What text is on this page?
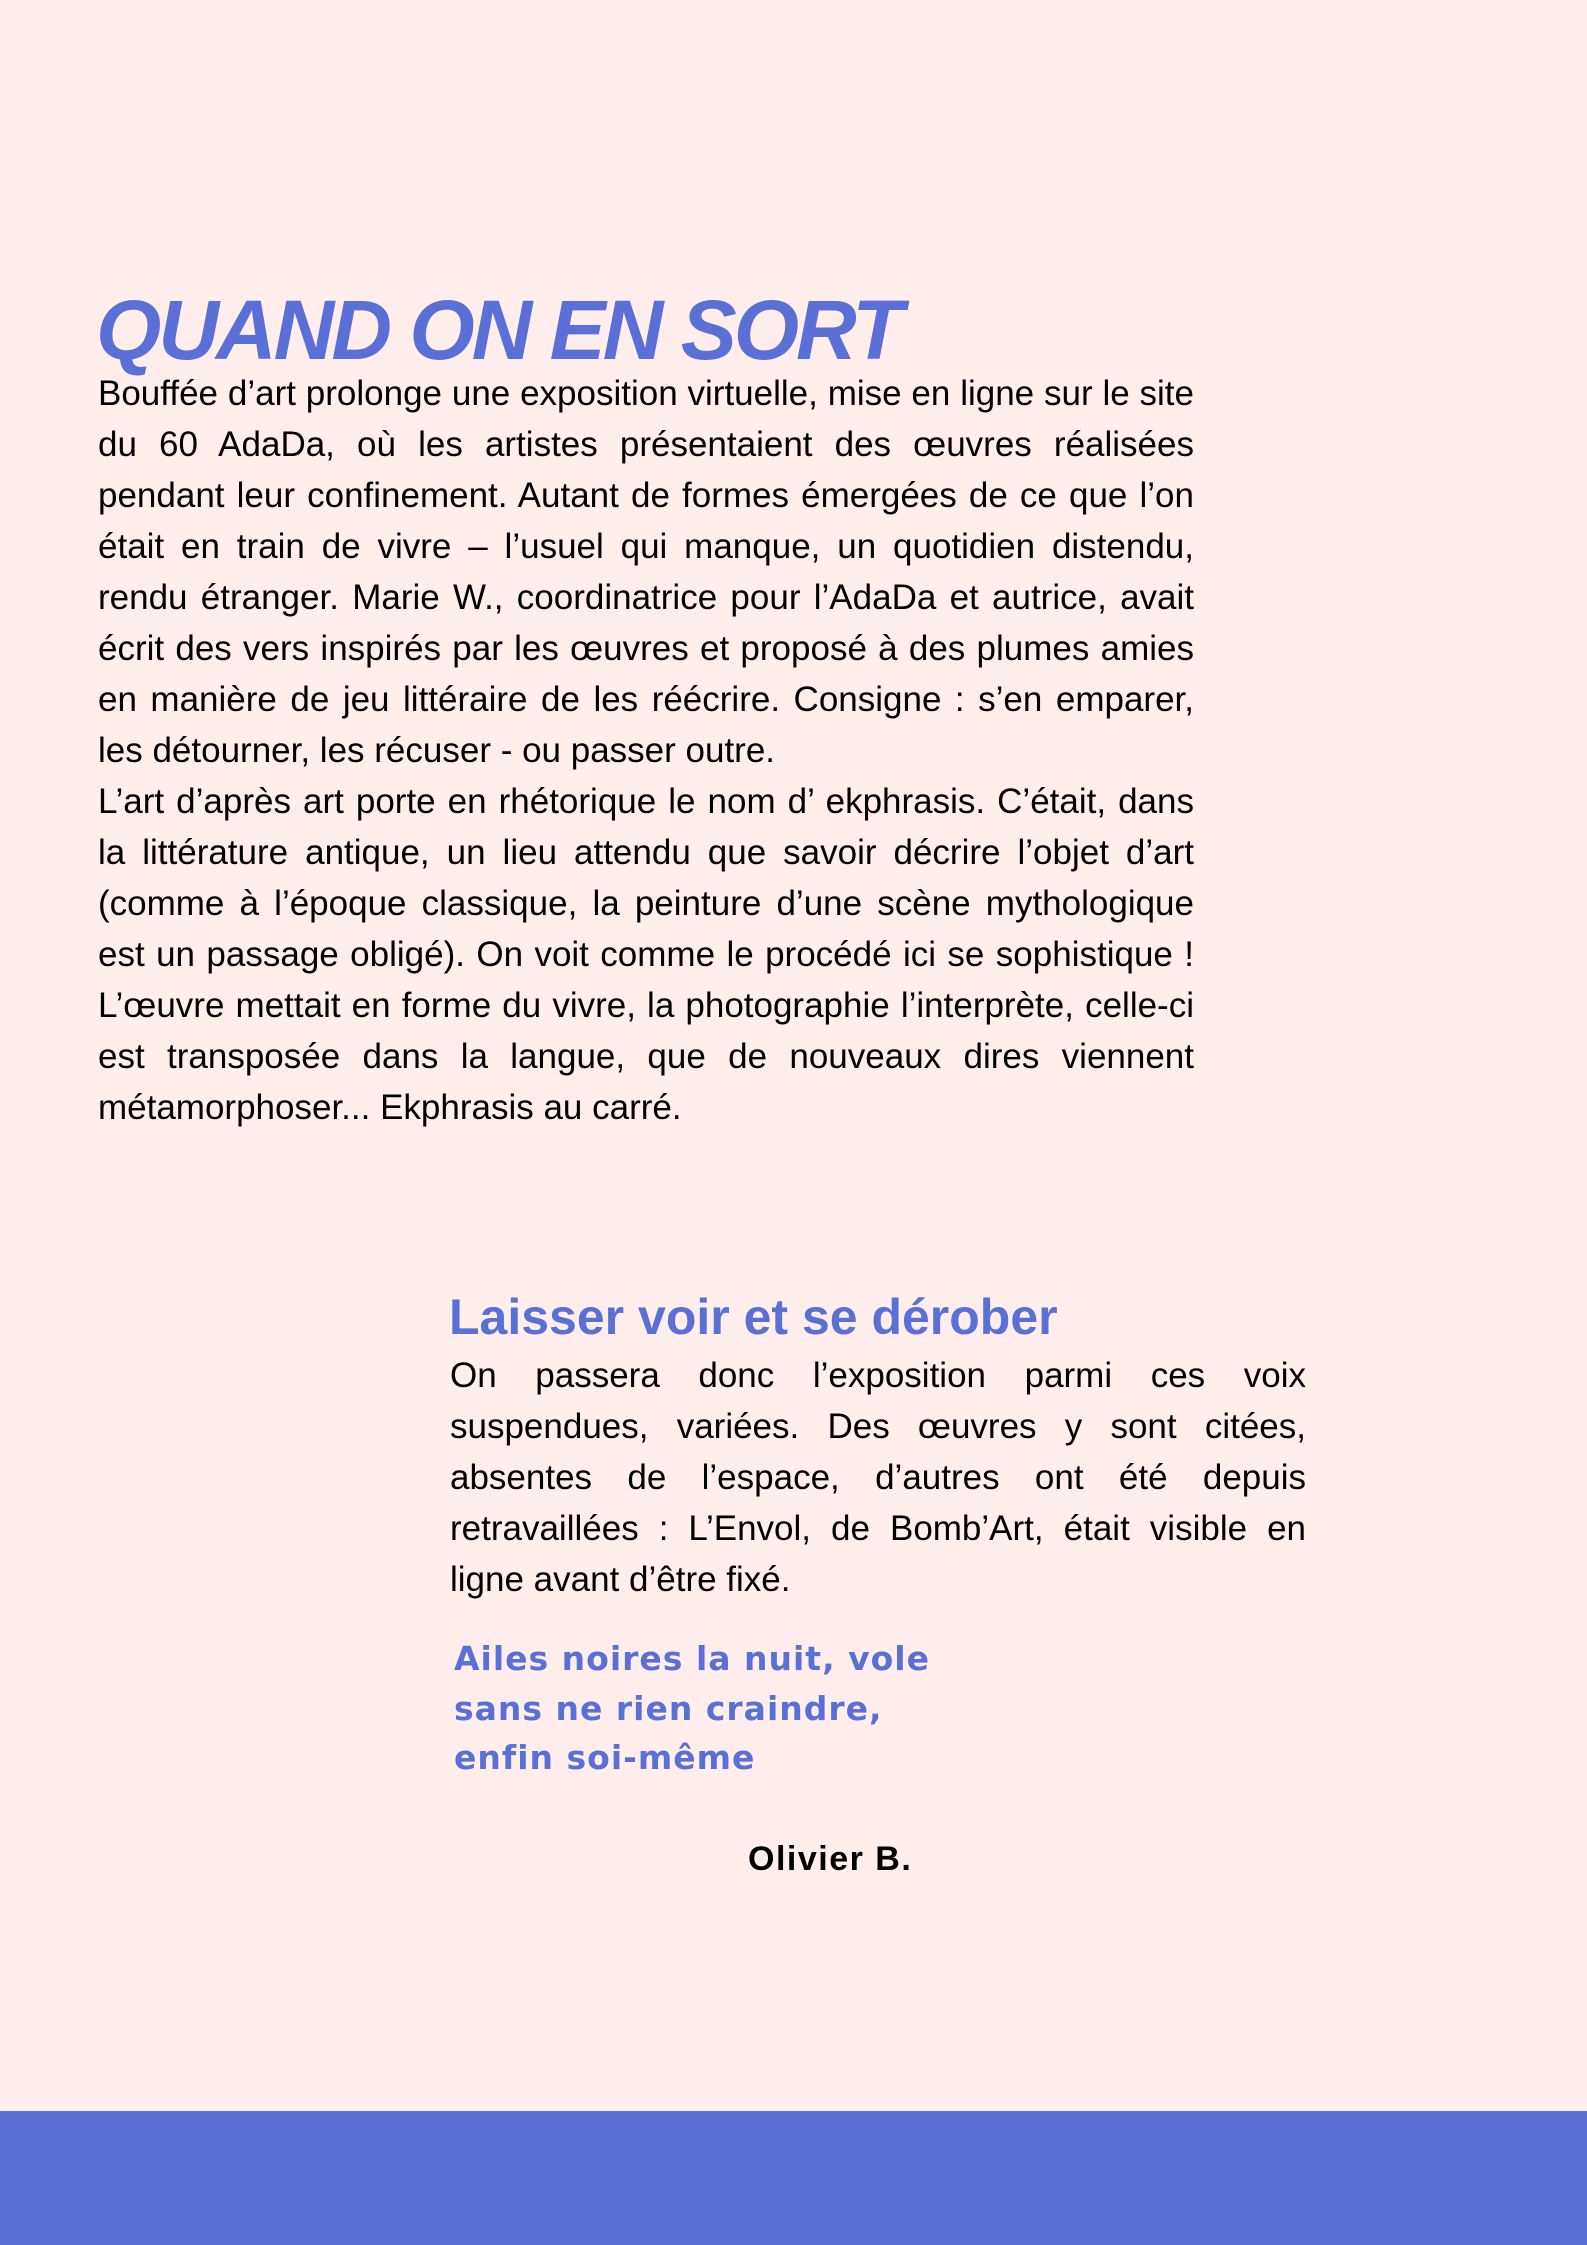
QUAND ON EN SORT

Bouffée d’art prolonge une exposition virtuelle, mise en ligne sur le site du 60 AdaDa, où les artistes présentaient des œuvres réalisées pendant leur confinement. Autant de formes émergées de ce que l’on était en train de vivre – l’usuel qui manque, un quotidien distendu, rendu étranger. Marie W., coordinatrice pour l’AdaDa et autrice, avait écrit des vers inspirés par les œuvres et proposé à des plumes amies en manière de jeu littéraire de les réécrire. Consigne : s’en emparer, les détourner, les récuser - ou passer outre.

L’art d’après art porte en rhétorique le nom d’ ekphrasis. C’était, dans la littérature antique, un lieu attendu que savoir décrire l’objet d’art (comme à l’époque classique, la peinture d’une scène mythologique est un passage obligé). On voit comme le procédé ici se sophistique ! L’œuvre mettait en forme du vivre, la photographie l’interprète, celle-ci est transposée dans la langue, que de nouveaux dires viennent métamorphoser... Ekphrasis au carré.

Laisser voir et se dérober

On passera donc l’exposition parmi ces voix suspendues, variées. Des œuvres y sont citées, absentes de l’espace, d’autres ont été depuis retravaillées : L’Envol, de Bomb’Art, était visible en ligne avant d’être fixé.

Ailes noires la nuit, vole
sans ne rien craindre,
enfin soi-même
Olivier B.
